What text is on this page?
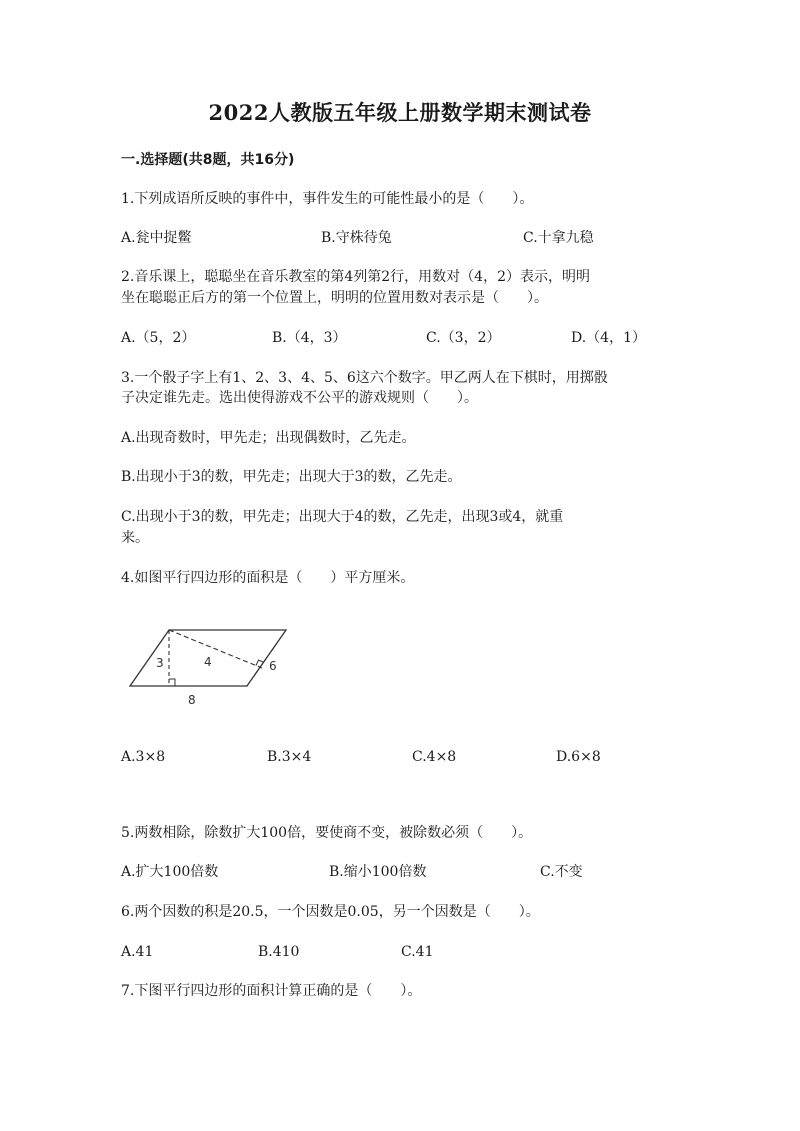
2022人教版五年级上册数学期末测试卷
一.选择题(共8题，共16分)
1.下列成语所反映的事件中，事件发生的可能性最小的是（　　）。
A.瓮中捉鳖	B.守株待兔	C.十拿九稳
2.音乐课上，聪聪坐在音乐教室的第4列第2行，用数对（4，2）表示，明明
坐在聪聪正后方的第一个位置上，明明的位置用数对表示是（　　）。
A.（5，2）	B.（4，3）	C.（3，2）	D.（4，1）
3.一个骰子字上有1、2、3、4、5、6这六个数字。甲乙两人在下棋时，用掷骰
子决定谁先走。选出使得游戏不公平的游戏规则（　　）。
A.出现奇数时，甲先走；出现偶数时，乙先走。
B.出现小于3的数，甲先走；出现大于3的数，乙先走。
C.出现小于3的数，甲先走；出现大于4的数，乙先走，出现3或4，就重
来。
4.如图平行四边形的面积是（　　）平方厘米。
3	4	6
8
A.3×8	B.3×4	C.4×8	D.6×8
5.两数相除，除数扩大100倍，要使商不变，被除数必须（　　）。
A.扩大100倍数	B.缩小100倍数	C.不变
6.两个因数的积是20.5，一个因数是0.05，另一个因数是（　　）。
A.41	B.410	C.41
7.下图平行四边形的面积计算正确的是（　　）。
